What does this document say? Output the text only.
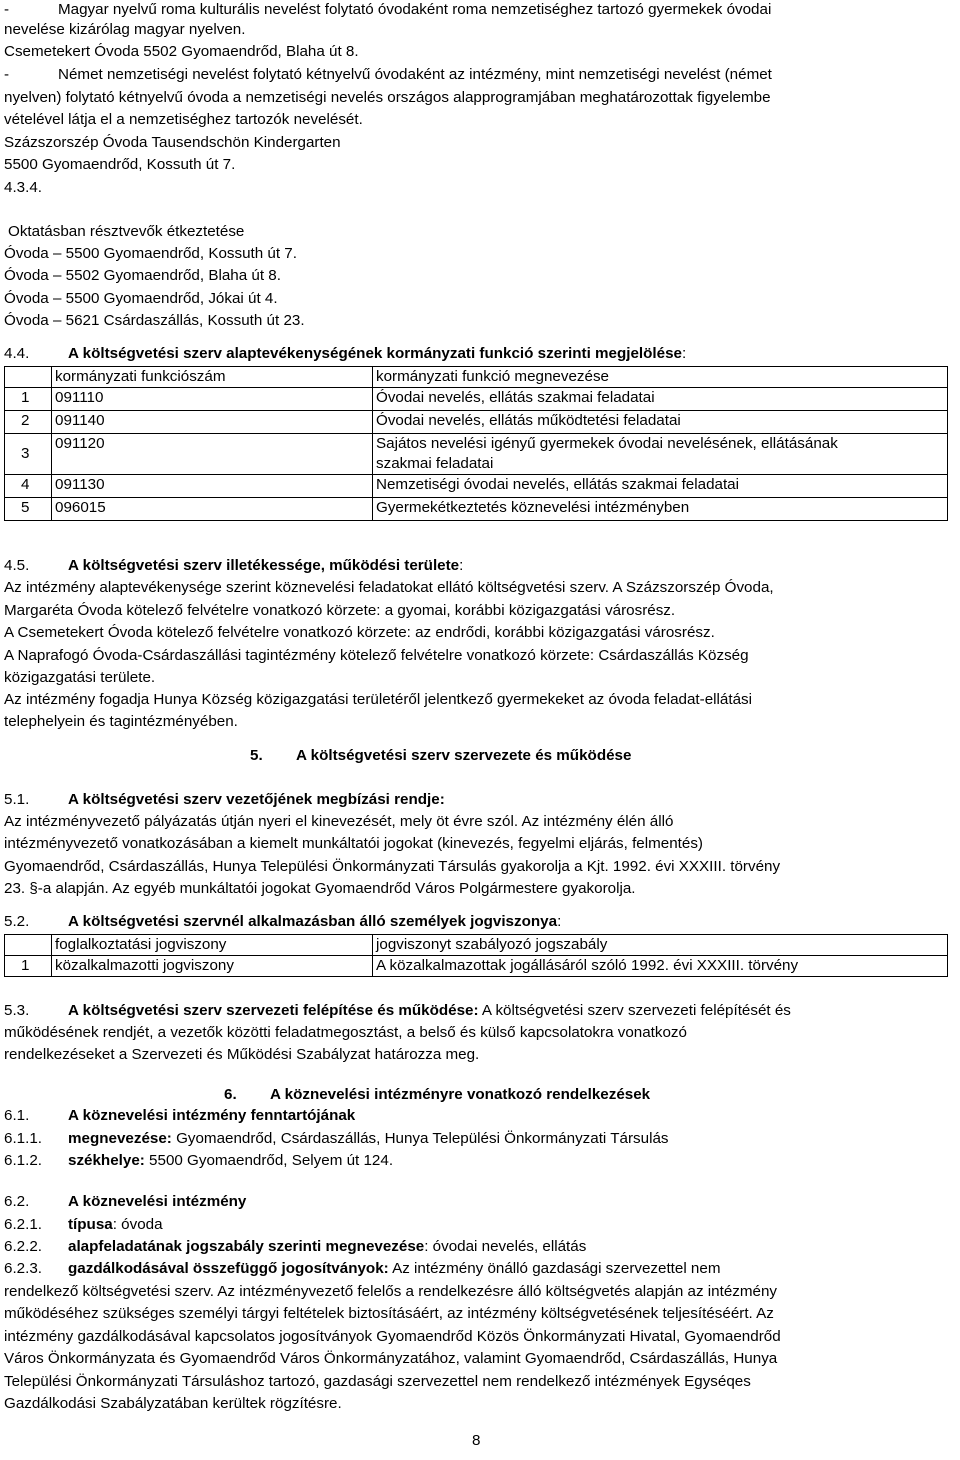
-	Magyar nyelvű roma kulturális nevelést folytató óvodaként roma nemzetiséghez tartozó gyermekek óvodai
nevelése kizárólag magyar nyelven.
Csemetekert Óvoda 5502 Gyomaendrőd, Blaha út 8.
-	Német nemzetiségi nevelést folytató kétnyelvű óvodaként az intézmény, mint nemzetiségi nevelést (német
nyelven) folytató kétnyelvű óvoda a nemzetiségi nevelés országos alapprogramjában meghatározottak figyelembe
vételével látja el a nemzetiséghez tartozók nevelését.
Százszorszép Óvoda Tausendschön Kindergarten
5500 Gyomaendrőd, Kossuth út 7.
4.3.4.
Oktatásban résztvevők étkeztetése
Óvoda – 5500 Gyomaendrőd, Kossuth út 7.
Óvoda – 5502 Gyomaendrőd, Blaha út 8.
Óvoda – 5500 Gyomaendrőd, Jókai út 4.
Óvoda – 5621 Csárdaszállás, Kossuth út 23.
4.4.	A költségvetési szerv alaptevékenységének kormányzati funkció szerinti megjelölése:
	kormányzati funkciószám	kormányzati funkció megnevezése
1	091110	Óvodai nevelés, ellátás szakmai feladatai
2	091140	Óvodai nevelés, ellátás működtetési feladatai
3	091120	Sajátos nevelési igényű gyermekek óvodai nevelésének, ellátásának
szakmai feladatai

4	091130	Nemzetiségi óvodai nevelés, ellátás szakmai feladatai
5	096015	Gyermekétkeztetés köznevelési intézményben
4.5.	A költségvetési szerv illetékessége, működési területe:
Az intézmény alaptevékenysége szerint köznevelési feladatokat ellátó költségvetési szerv. A Százszorszép Óvoda,
Margaréta Óvoda kötelező felvételre vonatkozó körzete: a gyomai, korábbi közigazgatási városrész.
A Csemetekert Óvoda kötelező felvételre vonatkozó körzete: az endrődi, korábbi közigazgatási városrész.
A Naprafogó Óvoda-Csárdaszállási tagintézmény kötelező felvételre vonatkozó körzete: Csárdaszállás Község
közigazgatási területe.
Az intézmény fogadja Hunya Község közigazgatási területéről jelentkező gyermekeket az óvoda feladat-ellátási
telephelyein és tagintézményében.
5. A költségvetési szerv szervezete és működése
5.1.	A költségvetési szerv vezetőjének megbízási rendje:
Az intézményvezető pályázatás útján nyeri el kinevezését, mely öt évre szól. Az intézmény élén álló
intézményvezető vonatkozásában a kiemelt munkáltatói jogokat (kinevezés, fegyelmi eljárás, felmentés)
Gyomaendrőd, Csárdaszállás, Hunya Települési Önkormányzati Társulás gyakorolja a Kjt. 1992. évi XXXIII. törvény
23. §-a alapján. Az egyéb munkáltatói jogokat Gyomaendrőd Város Polgármestere gyakorolja.
5.2.	A költségvetési szervnél alkalmazásban álló személyek jogviszonya:
	foglalkoztatási jogviszony	jogviszonyt szabályozó jogszabály
1	közalkalmazotti jogviszony	A közalkalmazottak jogállásáról szóló 1992. évi XXXIII. törvény
5.3.	A költségvetési szerv szervezeti felépítése és működése: A költségvetési szerv szervezeti felépítését és
működésének rendjét, a vezetők közötti feladatmegosztást, a belső és külső kapcsolatokra vonatkozó
rendelkezéseket a Szervezeti és Működési Szabályzat határozza meg.
6. A köznevelési intézményre vonatkozó rendelkezések
6.1.	A köznevelési intézmény fenntartójának
6.1.1. megnevezése: Gyomaendrőd, Csárdaszállás, Hunya Települési Önkormányzati Társulás
6.1.2. székhelye: 5500 Gyomaendrőd, Selyem út 124.
6.2.	A köznevelési intézmény
6.2.1. típusa: óvoda
6.2.2. alapfeladatának jogszabály szerinti megnevezése: óvodai nevelés, ellátás
6.2.3. gazdálkodásával összefüggő jogosítványok: Az intézmény önálló gazdasági szervezettel nem
rendelkező költségvetési szerv. Az intézményvezető felelős a rendelkezésre álló költségvetés alapján az intézmény
működéséhez szükséges személyi tárgyi feltételek biztosításáért, az intézmény költségvetésének teljesítéséért. Az
intézmény gazdálkodásával kapcsolatos jogosítványok Gyomaendrőd Közös Önkormányzati Hivatal, Gyomaendrőd
Város Önkormányzata és Gyomaendrőd Város Önkormányzatához, valamint Gyomaendrőd, Csárdaszállás, Hunya
Települési Önkormányzati Társuláshoz tartozó, gazdasági szervezettel nem rendelkező intézmények Egyséqes
Gazdálkodási Szabályzatában kerültek rögzítésre.
8
